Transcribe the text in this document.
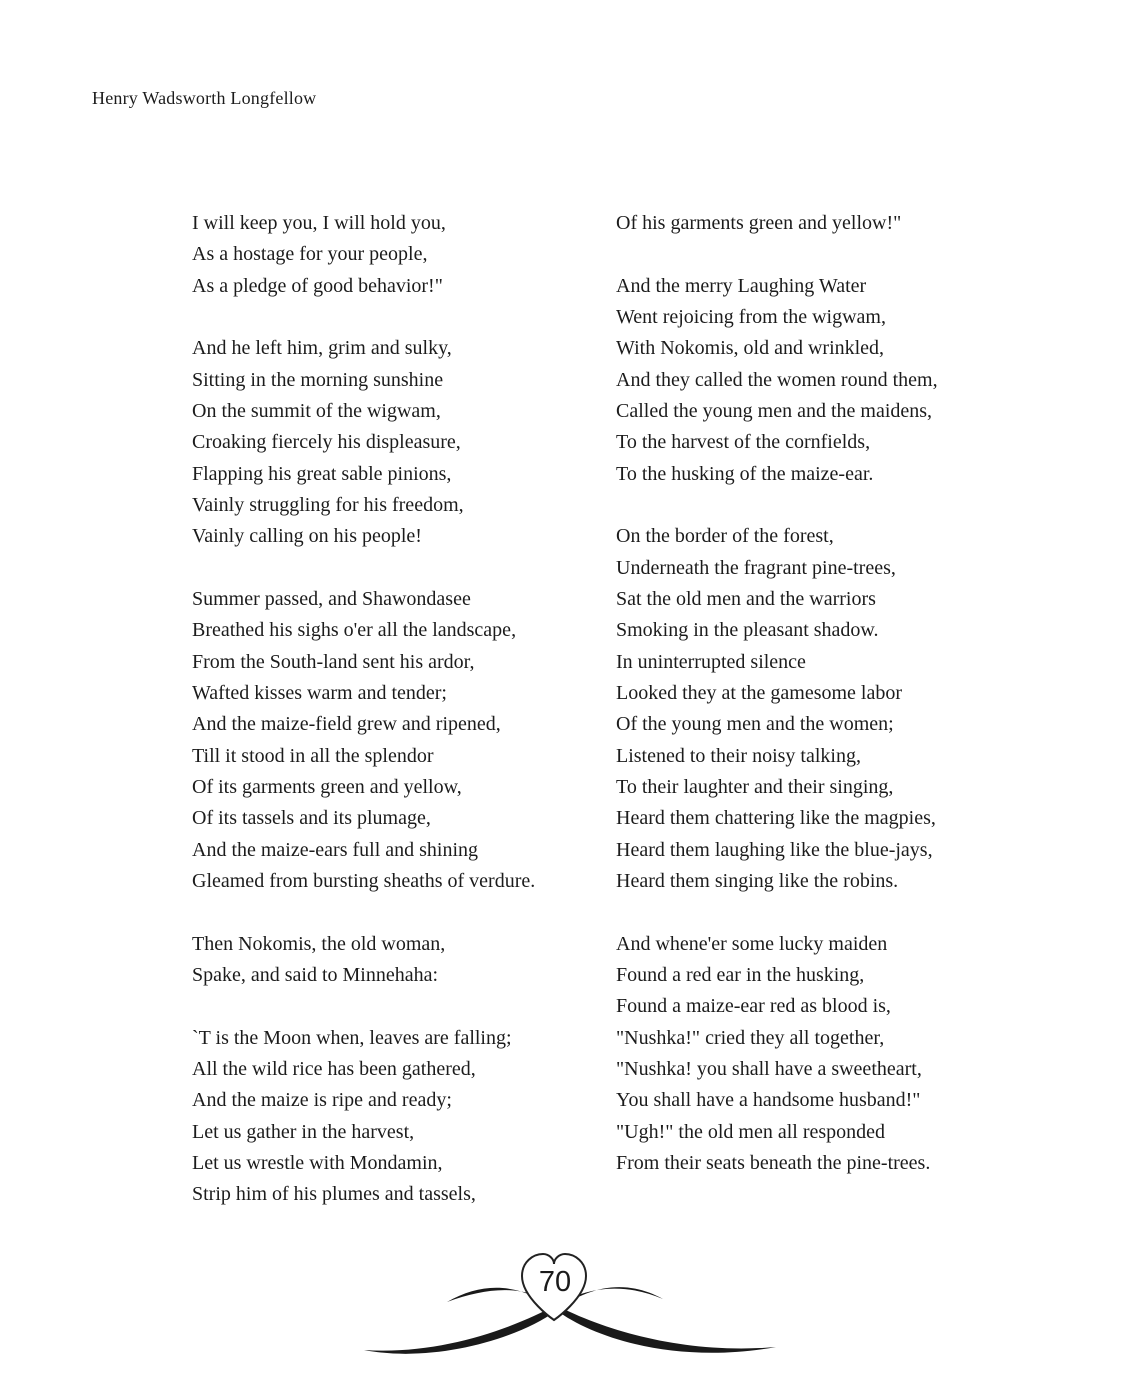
Henry Wadsworth Longfellow
I will keep you, I will hold you,
As a hostage for your people,
As a pledge of good behavior!"
And he left him, grim and sulky,
Sitting in the morning sunshine
On the summit of the wigwam,
Croaking fiercely his displeasure,
Flapping his great sable pinions,
Vainly struggling for his freedom,
Vainly calling on his people!
Summer passed, and Shawondasee
Breathed his sighs o'er all the landscape,
From the South-land sent his ardor,
Wafted kisses warm and tender;
And the maize-field grew and ripened,
Till it stood in all the splendor
Of its garments green and yellow,
Of its tassels and its plumage,
And the maize-ears full and shining
Gleamed from bursting sheaths of verdure.
Then Nokomis, the old woman,
Spake, and said to Minnehaha:
`T is the Moon when, leaves are falling;
All the wild rice has been gathered,
And the maize is ripe and ready;
Let us gather in the harvest,
Let us wrestle with Mondamin,
Strip him of his plumes and tassels,
Of his garments green and yellow!"
And the merry Laughing Water
Went rejoicing from the wigwam,
With Nokomis, old and wrinkled,
And they called the women round them,
Called the young men and the maidens,
To the harvest of the cornfields,
To the husking of the maize-ear.
On the border of the forest,
Underneath the fragrant pine-trees,
Sat the old men and the warriors
Smoking in the pleasant shadow.
In uninterrupted silence
Looked they at the gamesome labor
Of the young men and the women;
Listened to their noisy talking,
To their laughter and their singing,
Heard them chattering like the magpies,
Heard them laughing like the blue-jays,
Heard them singing like the robins.
And whene'er some lucky maiden
Found a red ear in the husking,
Found a maize-ear red as blood is,
"Nushka!" cried they all together,
"Nushka! you shall have a sweetheart,
You shall have a handsome husband!"
"Ugh!" the old men all responded
From their seats beneath the pine-trees.
70
